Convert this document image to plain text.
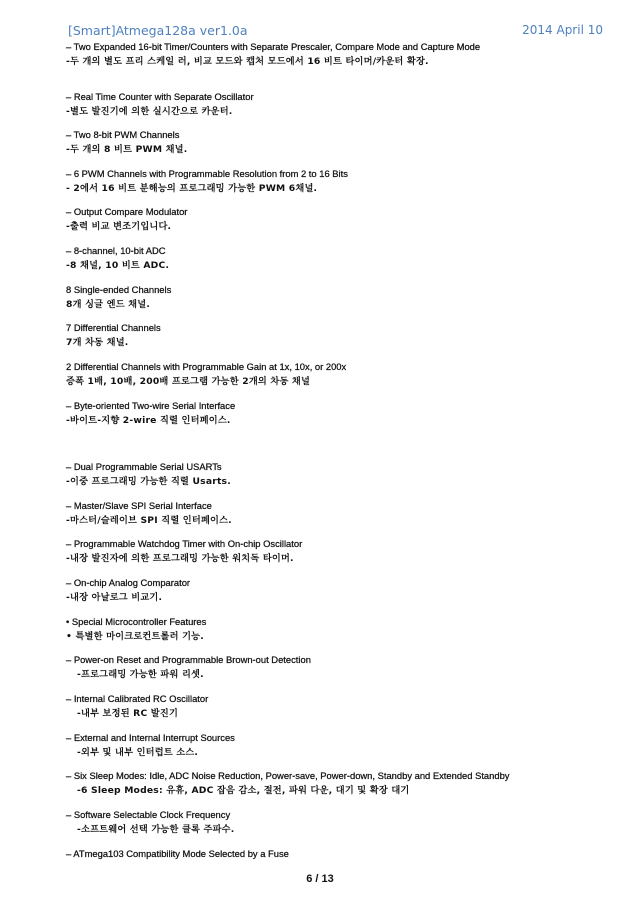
[Smart]Atmega128a ver1.0a	2014 April 10
– Two Expanded 16-bit Timer/Counters with Separate Prescaler, Compare Mode and Capture Mode
-두 개의 별도 프리 스케일 러, 비교 모드와 캡처 모드에서 16 비트 타이머/카운터 확장.
– Real Time Counter with Separate Oscillator
-별도 발진기에 의한 실시간으로 카운터.
– Two 8-bit PWM Channels
-두 개의 8 비트 PWM 채널.
– 6 PWM Channels with Programmable Resolution from 2 to 16 Bits
- 2에서 16 비트 분해능의 프로그래밍 가능한 PWM 6채널.
– Output Compare Modulator
-출력 비교 변조기입니다.
– 8-channel, 10-bit ADC
-8 채널, 10 비트 ADC.
8 Single-ended Channels
8개 싱글 엔드 채널.
7 Differential Channels
7개 차동 채널.
2 Differential Channels with Programmable Gain at 1x, 10x, or 200x
증폭 1배, 10배, 200배 프로그램 가능한 2개의 차동 채널
– Byte-oriented Two-wire Serial Interface
-바이트-지향 2-wire 직렬 인터페이스.
– Dual Programmable Serial USARTs
-이중 프로그래밍 가능한 직렬 Usarts.
– Master/Slave SPI Serial Interface
-마스터/슬레이브 SPI 직렬 인터페이스.
– Programmable Watchdog Timer with On-chip Oscillator
-내장 발진자에 의한 프로그래밍 가능한 워치독 타이머.
– On-chip Analog Comparator
-내장 아날로그 비교기.
• Special Microcontroller Features
• 특별한 마이크로컨트롤러 기능.
– Power-on Reset and Programmable Brown-out Detection
-프로그래밍 가능한 파워 리셋.
– Internal Calibrated RC Oscillator
-내부 보정된 RC 발진기
– External and Internal Interrupt Sources
-외부 및 내부 인터럽트 소스.
– Six Sleep Modes: Idle, ADC Noise Reduction, Power-save, Power-down, Standby and Extended Standby
-6 Sleep Modes: 유휴, ADC 잡음 감소, 절전, 파워 다운, 대기 및 확장 대기
– Software Selectable Clock Frequency
-소프트웨어 선택 가능한 클록 주파수.
– ATmega103 Compatibility Mode Selected by a Fuse
6 / 13
